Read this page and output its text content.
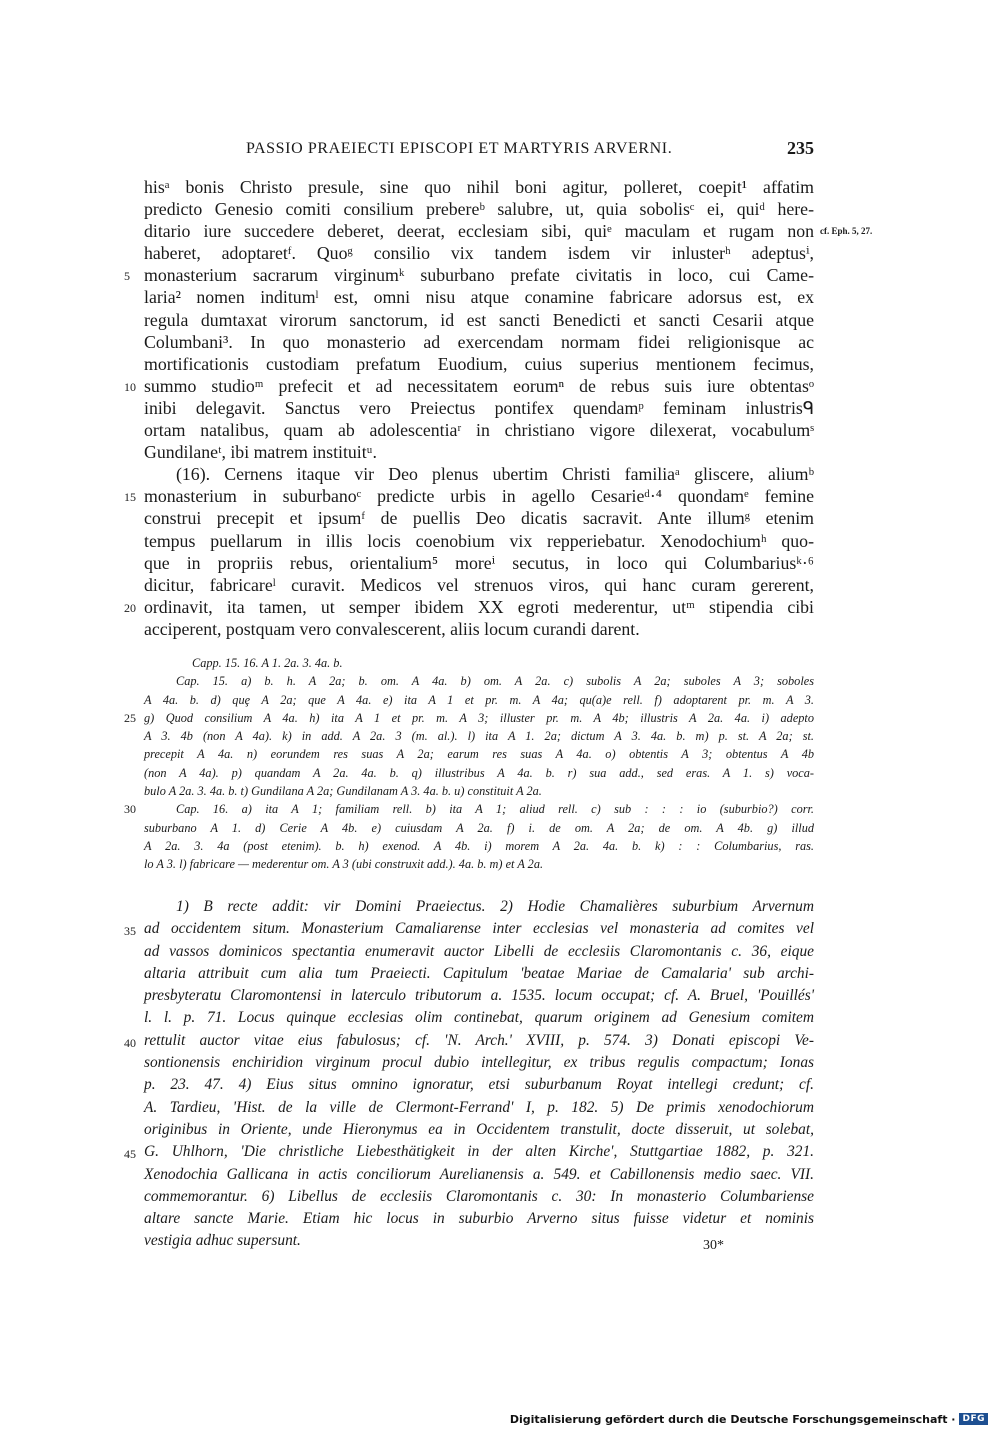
PASSIO PRAEIECTI EPISCOPI ET MARTYRIS ARVERNI.	235
hisᵃ bonis Christo presule, sine quo nihil boni agitur, polleret, coepit¹ affatim
predicto Genesio comiti consilium prebereᵇ salubre, ut, quia sobolisᶜ ei, quiᵈ here-
ditario iure succedere deberet, deerat, ecclesiam sibi, quiᵉ maculam et rugam non cf. Eph. 5, 27.
haberet, adoptaretᶠ. Quoᵍ consilio vix tandem isdem vir inlusterʰ adeptusⁱ,
5 monasterium sacrarum virginumᵏ suburbano prefate civitatis in loco, cui Came-
laria² nomen inditumˡ est, omni nisu atque conamine fabricare adorsus est, ex
regula dumtaxat virorum sanctorum, id est sancti Benedicti et sancti Cesarii atque
Columbani³. In quo monasterio ad exercendam normam fidei religionisque ac
mortificationis custodiam prefatum Euodium, cuius superius mentionem fecimus,
10 summo studioᵐ prefecit et ad necessitatem eorumⁿ de rebus suis iure obtentasᵒ
inibi delegavit. Sanctus vero Preiectus pontifex quendamᵖ feminam inlustrisᑫ
ortam natalibus, quam ab adolescentiaʳ in christiano vigore dilexerat, vocabulumˢ
Gundilaneᵗ, ibi matrem instituitᵘ.
(16). Cernens itaque vir Deo plenus ubertim Christi familiaᵃ gliscere, aliumᵇ
15 monasterium in suburbanoᶜ predicte urbis in agello Cesarieᵈ·⁴ quondamᵉ femine
construi precepit et ipsumᶠ de puellis Deo dicatis sacravit. Ante illumᵍ etenim
tempus puellarum in illis locis coenobium vix repperiebatur. Xenodochiumʰ quo-
que in propriis rebus, orientalium⁵ moreⁱ secutus, in loco qui Columbariusᵏ·⁶
dicitur, fabricareˡ curavit. Medicos vel strenuos viros, qui hanc curam gererent,
20 ordinavit, ita tamen, ut semper ibidem XX egroti mederentur, utᵐ stipendia cibi
acciperent, postquam vero convalescerent, aliis locum curandi darent.
Capp. 15. 16. A 1. 2a. 3. 4a. b.
Cap. 15. a) b. h. A 2a; b. om. A 4a. b) om. A 2a. c) subolis A 2a; suboles A 3; soboles
A 4a. b. d) quȩ A 2a; que A 4a. e) ita A 1 et pr. m. A 4a; qu(a)e rell. f) adoptarent pr. m. A 3.
25 g) Quod consilium A 4a. h) ita A 1 et pr. m. A 3; illuster pr. m. A 4b; illustris A 2a. 4a. i) adepto
A 3. 4b (non A 4a). k) in add. A 2a. 3 (m. al.). l) ita A 1. 2a; dictum A 3. 4a. b. m) p. st. A 2a; st.
precepit A 4a. n) eorundem res suas A 2a; earum res suas A 4a. o) obtentis A 3; obtentus A 4b
(non A 4a). p) quandam A 2a. 4a. b. q) illustribus A 4a. b. r) sua add., sed eras. A 1. s) voca-
bulo A 2a. 3. 4a. b. t) Gundilana A 2a; Gundilanam A 3. 4a. b. u) constituit A 2a.
30	Cap. 16. a) ita A 1; familiam rell. b) ita A 1; aliud rell. c) sub : : : io (suburbio?) corr.
suburbano A 1. d) Cerie A 4b. e) cuiusdam A 2a. f) i. de om. A 2a; de om. A 4b. g) illud
A 2a. 3. 4a (post etenim). b. h) exenod. A 4b. i) morem A 2a. 4a. b. k) : : Columbarius, ras.
lo A 3. l) fabricare — mederentur om. A 3 (ubi construxit add.). 4a. b. m) et A 2a.
1) B recte addit: vir Domini Praeiectus. 2) Hodie Chamalières suburbium Arvernum
35 ad occidentem situm. Monasterium Camaliarense inter ecclesias vel monasteria ad comites vel
ad vassos dominicos spectantia enumeravit auctor Libelli de ecclesiis Claromontanis c. 36, eique
altaria attribuit cum alia tum Praeiecti. Capitulum 'beatae Mariae de Camalaria' sub archi-
presbyteratu Claromontensi in laterculo tributorum a. 1535. locum occupat; cf. A. Bruel, 'Pouillés'
l. l. p. 71. Locus quinque ecclesias olim continebat, quarum originem ad Genesium comitem
40 rettulit auctor vitae eius fabulosus; cf. 'N. Arch.' XVIII, p. 574. 3) Donati episcopi Ve-
sontionensis enchiridion virginum procul dubio intellegitur, ex tribus regulis compactum; Ionas
p. 23. 47. 4) Eius situs omnino ignoratur, etsi suburbanum Royat intellegi credunt; cf.
A. Tardieu, 'Hist. de la ville de Clermont-Ferrand' I, p. 182. 5) De primis xenodochiorum
originibus in Oriente, unde Hieronymus ea in Occidentem transtulit, docte disseruit, ut solebat,
45 G. Uhlhorn, 'Die christliche Liebesthätigkeit in der alten Kirche', Stuttgartiae 1882, p. 321.
Xenodochia Gallicana in actis conciliorum Aurelianensis a. 549. et Cabillonensis medio saec. VII.
commemorantur. 6) Libellus de ecclesiis Claromontanis c. 30: In monasterio Columbariense
altare sancte Marie. Etiam hic locus in suburbio Arverno situs fuisse videtur et nominis
vestigia adhuc supersunt.	30*
Digitalisierung gefördert durch die Deutsche Forschungsgemeinschaft · DFG
